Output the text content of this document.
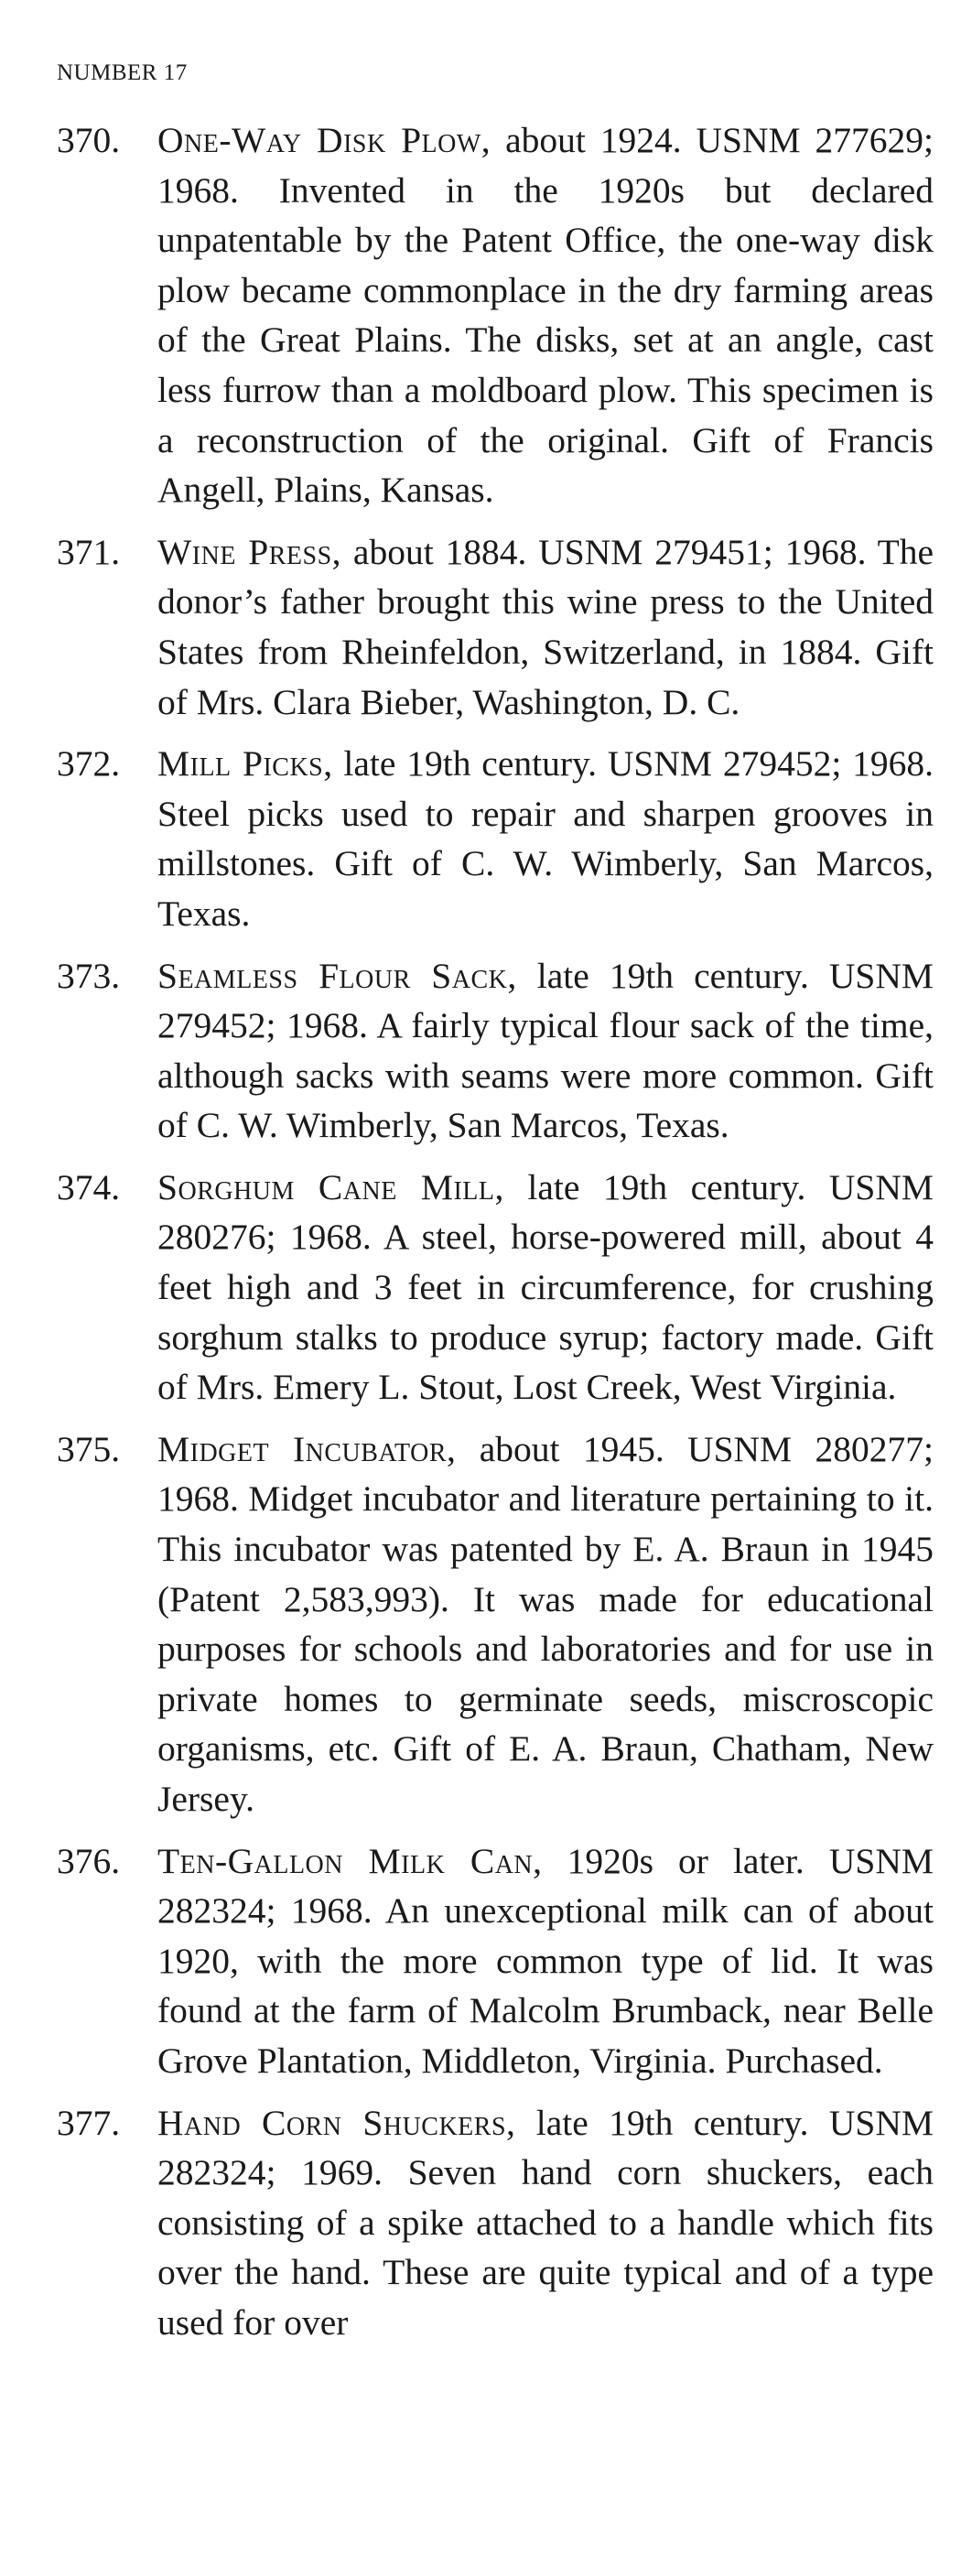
NUMBER 17
370. One-Way Disk Plow, about 1924. USNM 277629; 1968. Invented in the 1920s but declared unpatentable by the Patent Office, the one-way disk plow became commonplace in the dry farming areas of the Great Plains. The disks, set at an angle, cast less furrow than a moldboard plow. This specimen is a reconstruction of the original. Gift of Francis Angell, Plains, Kansas.
371. Wine Press, about 1884. USNM 279451; 1968. The donor’s father brought this wine press to the United States from Rheinfeldon, Switzerland, in 1884. Gift of Mrs. Clara Bieber, Washington, D. C.
372. Mill Picks, late 19th century. USNM 279452; 1968. Steel picks used to repair and sharpen grooves in millstones. Gift of C. W. Wimberly, San Marcos, Texas.
373. Seamless Flour Sack, late 19th century. USNM 279452; 1968. A fairly typical flour sack of the time, although sacks with seams were more common. Gift of C. W. Wimberly, San Marcos, Texas.
374. Sorghum Cane Mill, late 19th century. USNM 280276; 1968. A steel, horse-powered mill, about 4 feet high and 3 feet in circumference, for crushing sorghum stalks to produce syrup; factory made. Gift of Mrs. Emery L. Stout, Lost Creek, West Virginia.
375. Midget Incubator, about 1945. USNM 280277; 1968. Midget incubator and literature pertaining to it. This incubator was patented by E. A. Braun in 1945 (Patent 2,583,993). It was made for educational purposes for schools and laboratories and for use in private homes to germinate seeds, miscroscopic organisms, etc. Gift of E. A. Braun, Chatham, New Jersey.
376. Ten-Gallon Milk Can, 1920s or later. USNM 282324; 1968. An unexceptional milk can of about 1920, with the more common type of lid. It was found at the farm of Malcolm Brumback, near Belle Grove Plantation, Middleton, Virginia. Purchased.
377. Hand Corn Shuckers, late 19th century. USNM 282324; 1969. Seven hand corn shuckers, each consisting of a spike attached to a handle which fits over the hand. These are quite typical and of a type used for over
